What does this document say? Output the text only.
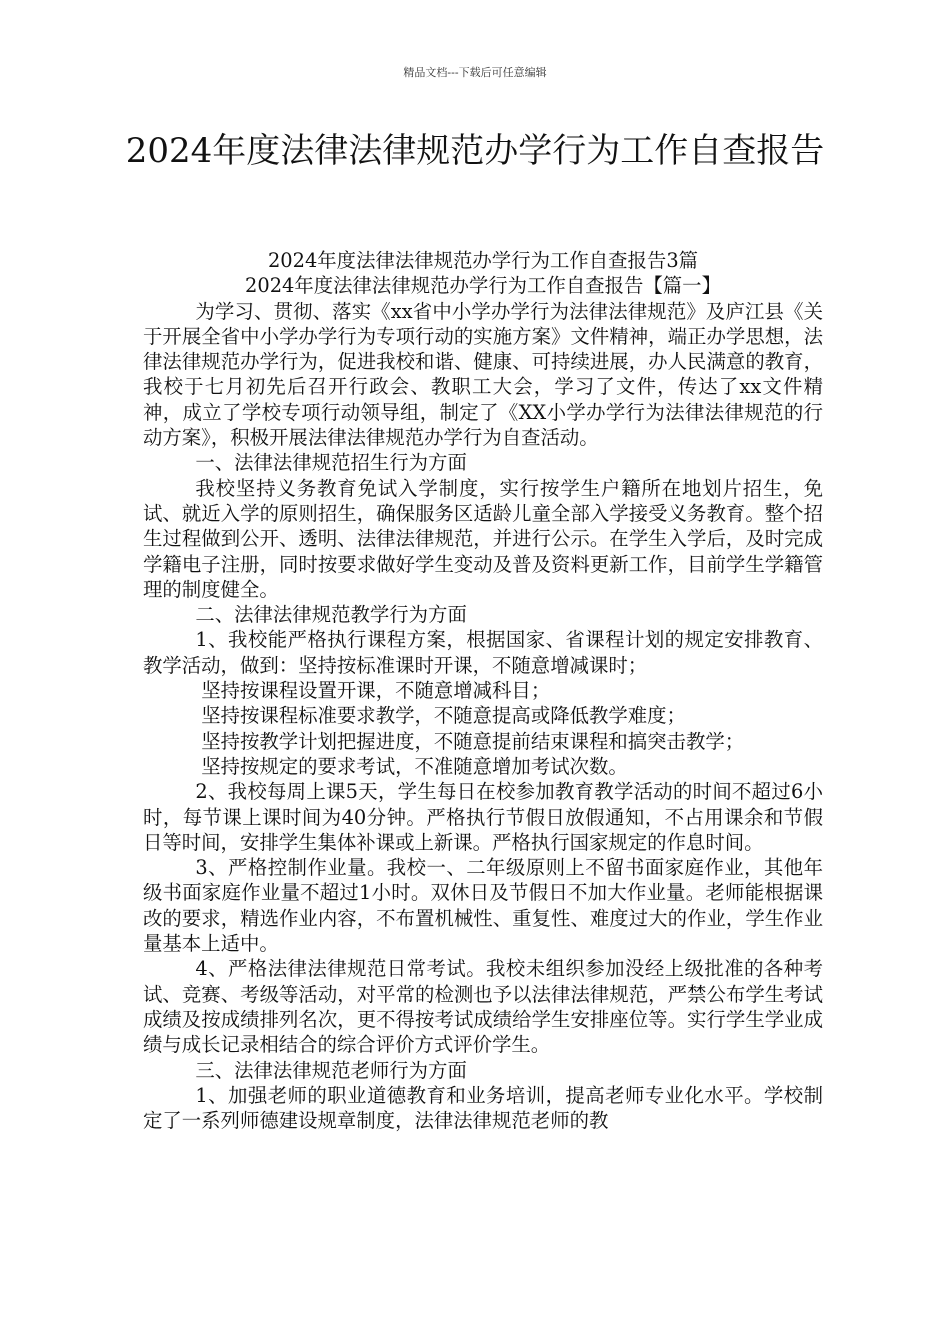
精品文档---下载后可任意编辑
2024年度法律法律规范办学行为工作自查报告

2024年度法律法律规范办学行为工作自查报告3篇

2024年度法律法律规范办学行为工作自查报告【篇一】

为学习、贯彻、落实《xx省中小学办学行为法律法律规范》及庐江县《关于开展全省中小学办学行为专项行动的实施方案》文件精神，端正办学思想，法律法律规范办学行为，促进我校和谐、健康、可持续进展，办人民满意的教育，我校于七月初先后召开行政会、教职工大会，学习了文件，传达了xx文件精神，成立了学校专项行动领导组，制定了《XX小学办学行为法律法律规范的行动方案》，积极开展法律法律规范办学行为自查活动。

一、法律法律规范招生行为方面

我校坚持义务教育免试入学制度，实行按学生户籍所在地划片招生，免试、就近入学的原则招生，确保服务区适龄儿童全部入学接受义务教育。整个招生过程做到公开、透明、法律法律规范，并进行公示。在学生入学后，及时完成学籍电子注册，同时按要求做好学生变动及普及资料更新工作，目前学生学籍管理的制度健全。

二、法律法律规范教学行为方面

1、我校能严格执行课程方案，根据国家、省课程计划的规定安排教育、教学活动，做到：坚持按标准课时开课，不随意增减课时；

坚持按课程设置开课，不随意增减科目；

坚持按课程标准要求教学，不随意提高或降低教学难度；

坚持按教学计划把握进度，不随意提前结束课程和搞突击教学；

坚持按规定的要求考试，不准随意增加考试次数。

2、我校每周上课5天，学生每日在校参加教育教学活动的时间不超过6小时，每节课上课时间为40分钟。严格执行节假日放假通知，不占用课余和节假日等时间，安排学生集体补课或上新课。严格执行国家规定的作息时间。

3、严格控制作业量。我校一、二年级原则上不留书面家庭作业，其他年级书面家庭作业量不超过1小时。双休日及节假日不加大作业量。老师能根据课改的要求，精选作业内容，不布置机械性、重复性、难度过大的作业，学生作业量基本上适中。

4、严格法律法律规范日常考试。我校未组织参加没经上级批准的各种考试、竞赛、考级等活动，对平常的检测也予以法律法律规范，严禁公布学生考试成绩及按成绩排列名次，更不得按考试成绩给学生安排座位等。实行学生学业成绩与成长记录相结合的综合评价方式评价学生。

三、法律法律规范老师行为方面

1、加强老师的职业道德教育和业务培训，提高老师专业化水平。学校制定了一系列师德建设规章制度，法律法律规范老师的教
